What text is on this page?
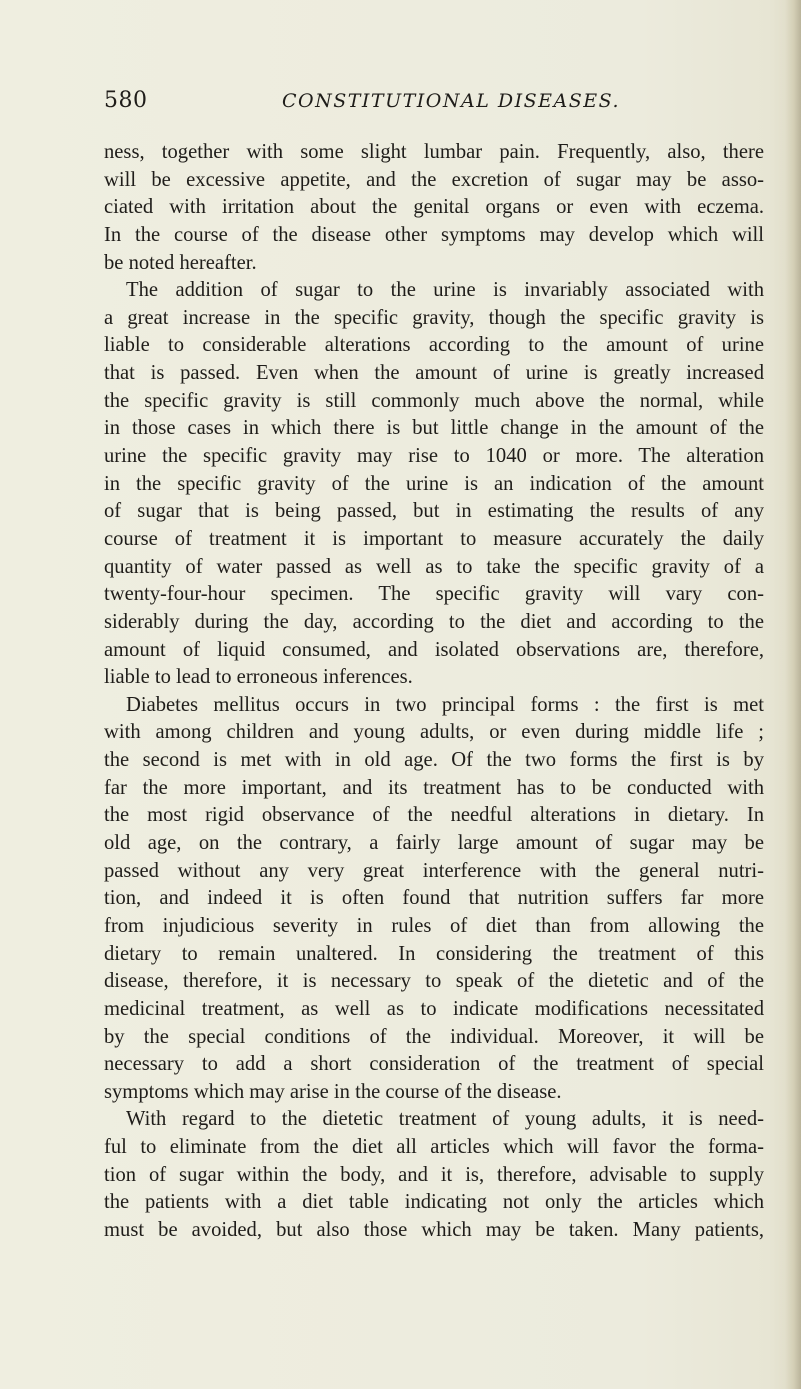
580	CONSTITUTIONAL DISEASES.
ness, together with some slight lumbar pain. Frequently, also, there
will be excessive appetite, and the excretion of sugar may be asso-
ciated with irritation about the genital organs or even with eczema.
In the course of the disease other symptoms may develop which will
be noted hereafter.
The addition of sugar to the urine is invariably associated with
a great increase in the specific gravity, though the specific gravity is
liable to considerable alterations according to the amount of urine
that is passed. Even when the amount of urine is greatly increased
the specific gravity is still commonly much above the normal, while
in those cases in which there is but little change in the amount of the
urine the specific gravity may rise to 1040 or more. The alteration
in the specific gravity of the urine is an indication of the amount
of sugar that is being passed, but in estimating the results of any
course of treatment it is important to measure accurately the daily
quantity of water passed as well as to take the specific gravity of a
twenty-four-hour specimen. The specific gravity will vary con-
siderably during the day, according to the diet and according to the
amount of liquid consumed, and isolated observations are, therefore,
liable to lead to erroneous inferences.
Diabetes mellitus occurs in two principal forms : the first is met
with among children and young adults, or even during middle life ;
the second is met with in old age. Of the two forms the first is by
far the more important, and its treatment has to be conducted with
the most rigid observance of the needful alterations in dietary. In
old age, on the contrary, a fairly large amount of sugar may be
passed without any very great interference with the general nutri-
tion, and indeed it is often found that nutrition suffers far more
from injudicious severity in rules of diet than from allowing the
dietary to remain unaltered. In considering the treatment of this
disease, therefore, it is necessary to speak of the dietetic and of the
medicinal treatment, as well as to indicate modifications necessitated
by the special conditions of the individual. Moreover, it will be
necessary to add a short consideration of the treatment of special
symptoms which may arise in the course of the disease.
With regard to the dietetic treatment of young adults, it is need-
ful to eliminate from the diet all articles which will favor the forma-
tion of sugar within the body, and it is, therefore, advisable to supply
the patients with a diet table indicating not only the articles which
must be avoided, but also those which may be taken. Many patients,
